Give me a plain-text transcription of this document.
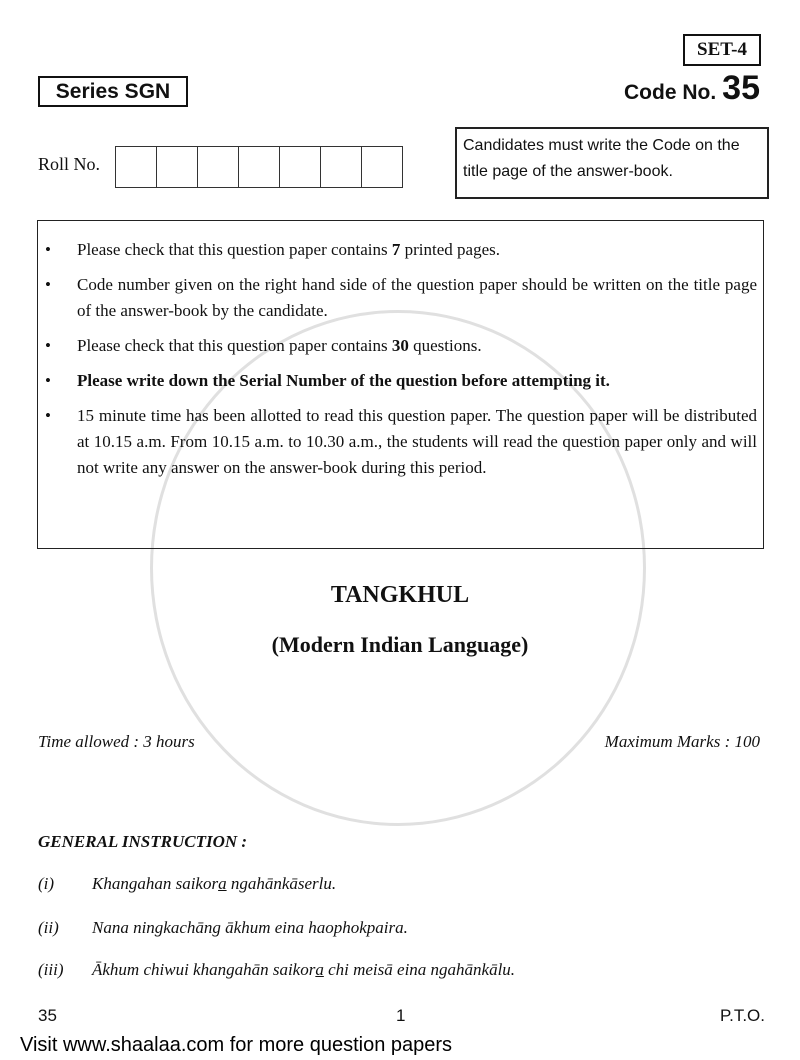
SET-4
Series SGN	Code No. 35
Roll No.
Candidates must write the Code on the title page of the answer-book.
•	Please check that this question paper contains 7 printed pages.
•	Code number given on the right hand side of the question paper should be written on the title page of the answer-book by the candidate.
•	Please check that this question paper contains 30 questions.
•	Please write down the Serial Number of the question before attempting it.
•	15 minute time has been allotted to read this question paper. The question paper will be distributed at 10.15 a.m. From 10.15 a.m. to 10.30 a.m., the students will read the question paper only and will not write any answer on the answer-book during this period.
TANGKHUL
(Modern Indian Language)
Time allowed : 3 hours	Maximum Marks : 100
GENERAL INSTRUCTION :
(i) Khangahan saikora ngahānkāserlu.
(ii) Nana ningkachāng ākhum eina haophokpaira.
(iii) Ākhum chiwui khangahān saikora chi meisā eina ngahānkālu.
35	1	P.T.O.
Visit www.shaalaa.com for more question papers
